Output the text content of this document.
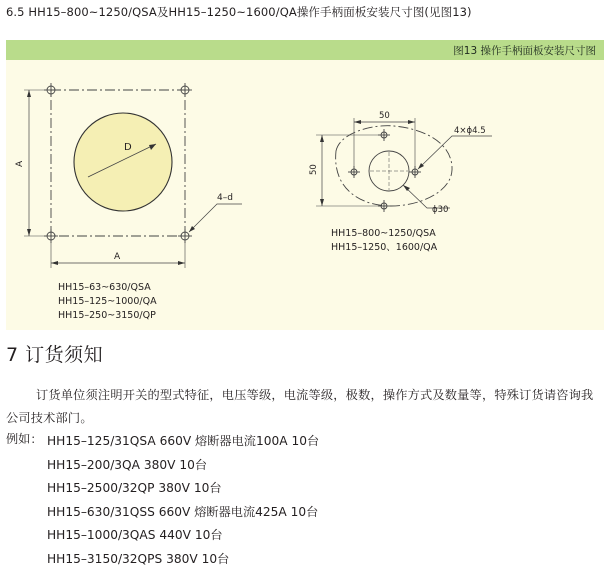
6.5 HH15–800~1250/QSA及HH15–1250~1600/QA操作手柄面板安装尺寸图(见图13)
图13 操作手柄面板安装尺寸图
D
A
A
4–d
HH15–63~630/QSA
HH15–125~1000/QA
HH15–250~3150/QP
50
50
4×ϕ4.5
ϕ30
HH15–800~1250/QSA
HH15–1250、1600/QA
7 订货须知
订货单位须注明开关的型式特征，电压等级，电流等级，极数，操作方式及数量等，特殊订货请咨询我公司技术部门。
例如： HH15–125/31QSA 660V 熔断器电流100A 10台
HH15–200/3QA 380V 10台
HH15–2500/32QP 380V 10台
HH15–630/31QSS 660V 熔断器电流425A 10台
HH15–1000/3QAS 440V 10台
HH15–3150/32QPS 380V 10台
